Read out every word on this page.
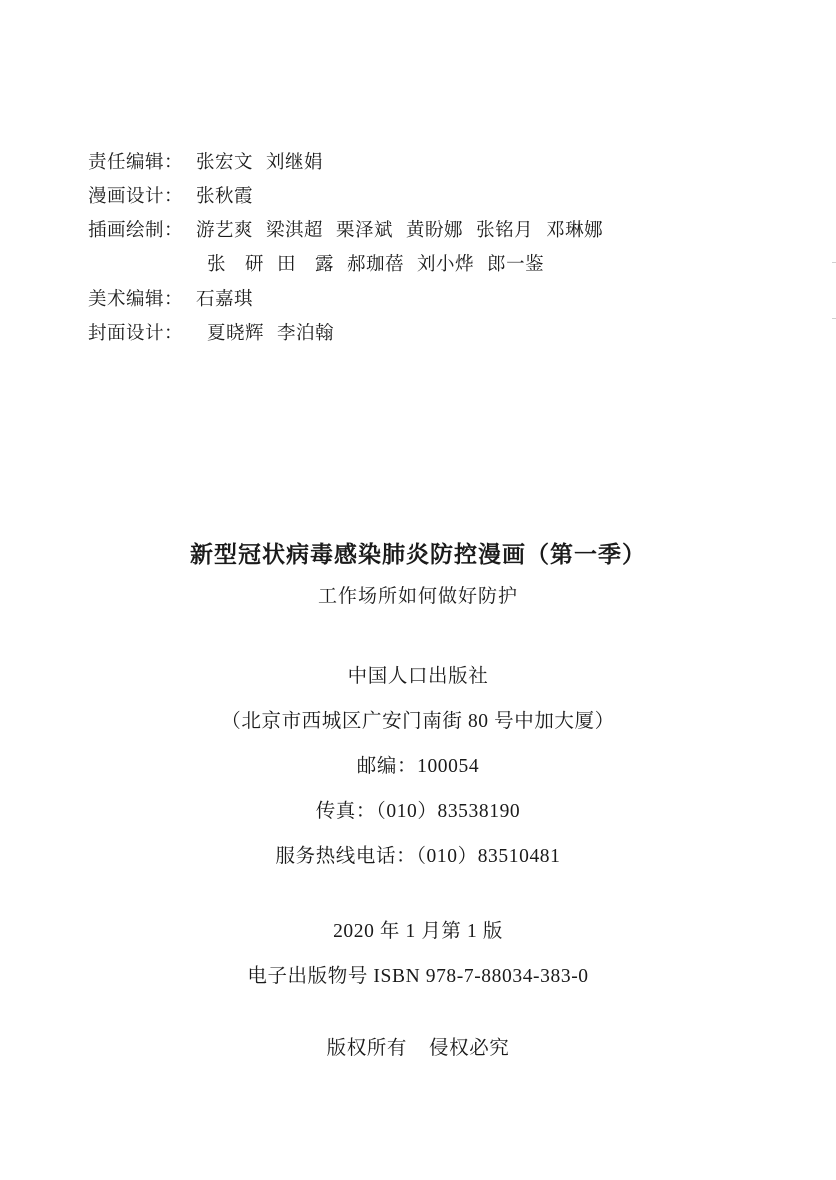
责任编辑： 张宏文 刘继娟
漫画设计： 张秋霞
插画绘制： 游艺爽 梁淇超 栗泽斌 黄盼娜 张铭月 邓琳娜
张　研 田　露 郝珈蓓 刘小烨 郎一鉴
美术编辑： 石嘉琪
封面设计：	夏晓辉 李泊翰
新型冠状病毒感染肺炎防控漫画（第一季）
工作场所如何做好防护
中国人口出版社
（北京市西城区广安门南街 80 号中加大厦）
邮编：100054
传真：（010）83538190
服务热线电话：（010）83510481
2020 年 1 月第 1 版
电子出版物号 ISBN 978-7-88034-383-0
版权所有 侵权必究
